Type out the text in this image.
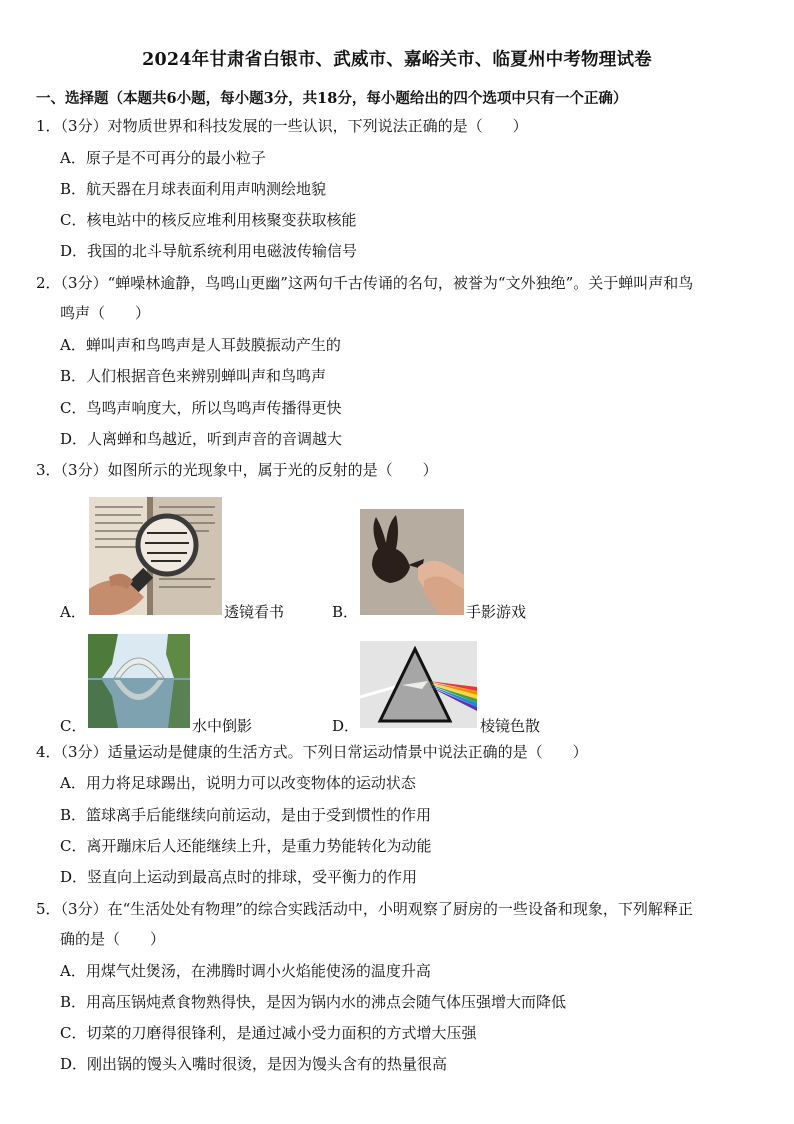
2024年甘肃省白银市、武威市、嘉峪关市、临夏州中考物理试卷
一、选择题（本题共6小题，每小题3分，共18分，每小题给出的四个选项中只有一个正确）
1．（3分）对物质世界和科技发展的一些认识，下列说法正确的是（　　）
A．原子是不可再分的最小粒子
B．航天器在月球表面利用声呐测绘地貌
C．核电站中的核反应堆利用核聚变获取核能
D．我国的北斗导航系统利用电磁波传输信号
2．（3分）“蝉噪林逾静，鸟鸣山更幽”这两句千古传诵的名句，被誉为“文外独绝”。关于蝉叫声和鸟
鸣声（　　）
A．蝉叫声和鸟鸣声是人耳鼓膜振动产生的
B．人们根据音色来辨别蝉叫声和鸟鸣声
C．鸟鸣声响度大，所以鸟鸣声传播得更快
D．人离蝉和鸟越近，听到声音的音调越大
3．（3分）如图所示的光现象中，属于光的反射的是（　　）
A．	透镜看书	B．	手影游戏
C．	水中倒影	D．	棱镜色散
4．（3分）适量运动是健康的生活方式。下列日常运动情景中说法正确的是（　　）
A．用力将足球踢出，说明力可以改变物体的运动状态
B．篮球离手后能继续向前运动，是由于受到惯性的作用
C．离开蹦床后人还能继续上升，是重力势能转化为动能
D．竖直向上运动到最高点时的排球，受平衡力的作用
5．（3分）在“生活处处有物理”的综合实践活动中，小明观察了厨房的一些设备和现象，下列解释正
确的是（　　）
A．用煤气灶煲汤，在沸腾时调小火焰能使汤的温度升高
B．用高压锅炖煮食物熟得快，是因为锅内水的沸点会随气体压强增大而降低
C．切菜的刀磨得很锋利，是通过减小受力面积的方式增大压强
D．刚出锅的馒头入嘴时很烫，是因为馒头含有的热量很高
